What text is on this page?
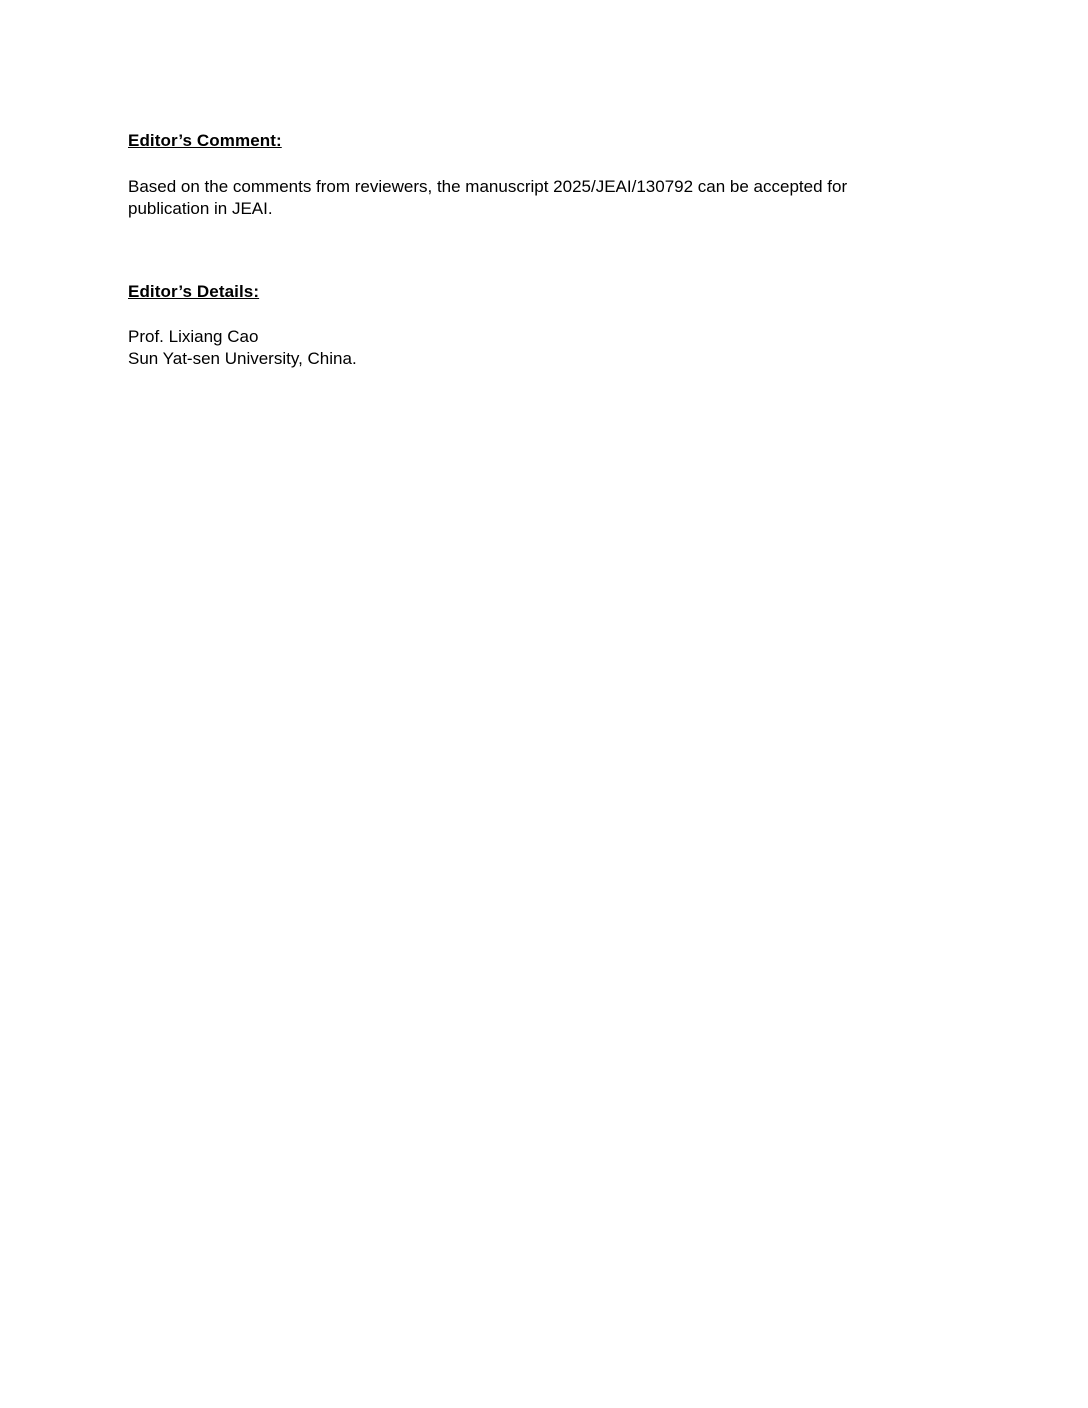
Editor’s Comment:

Based on the comments from reviewers, the manuscript 2025/JEAI/130792 can be accepted for publication in JEAI.

Editor’s Details:

Prof. Lixiang Cao
Sun Yat-sen University, China.
